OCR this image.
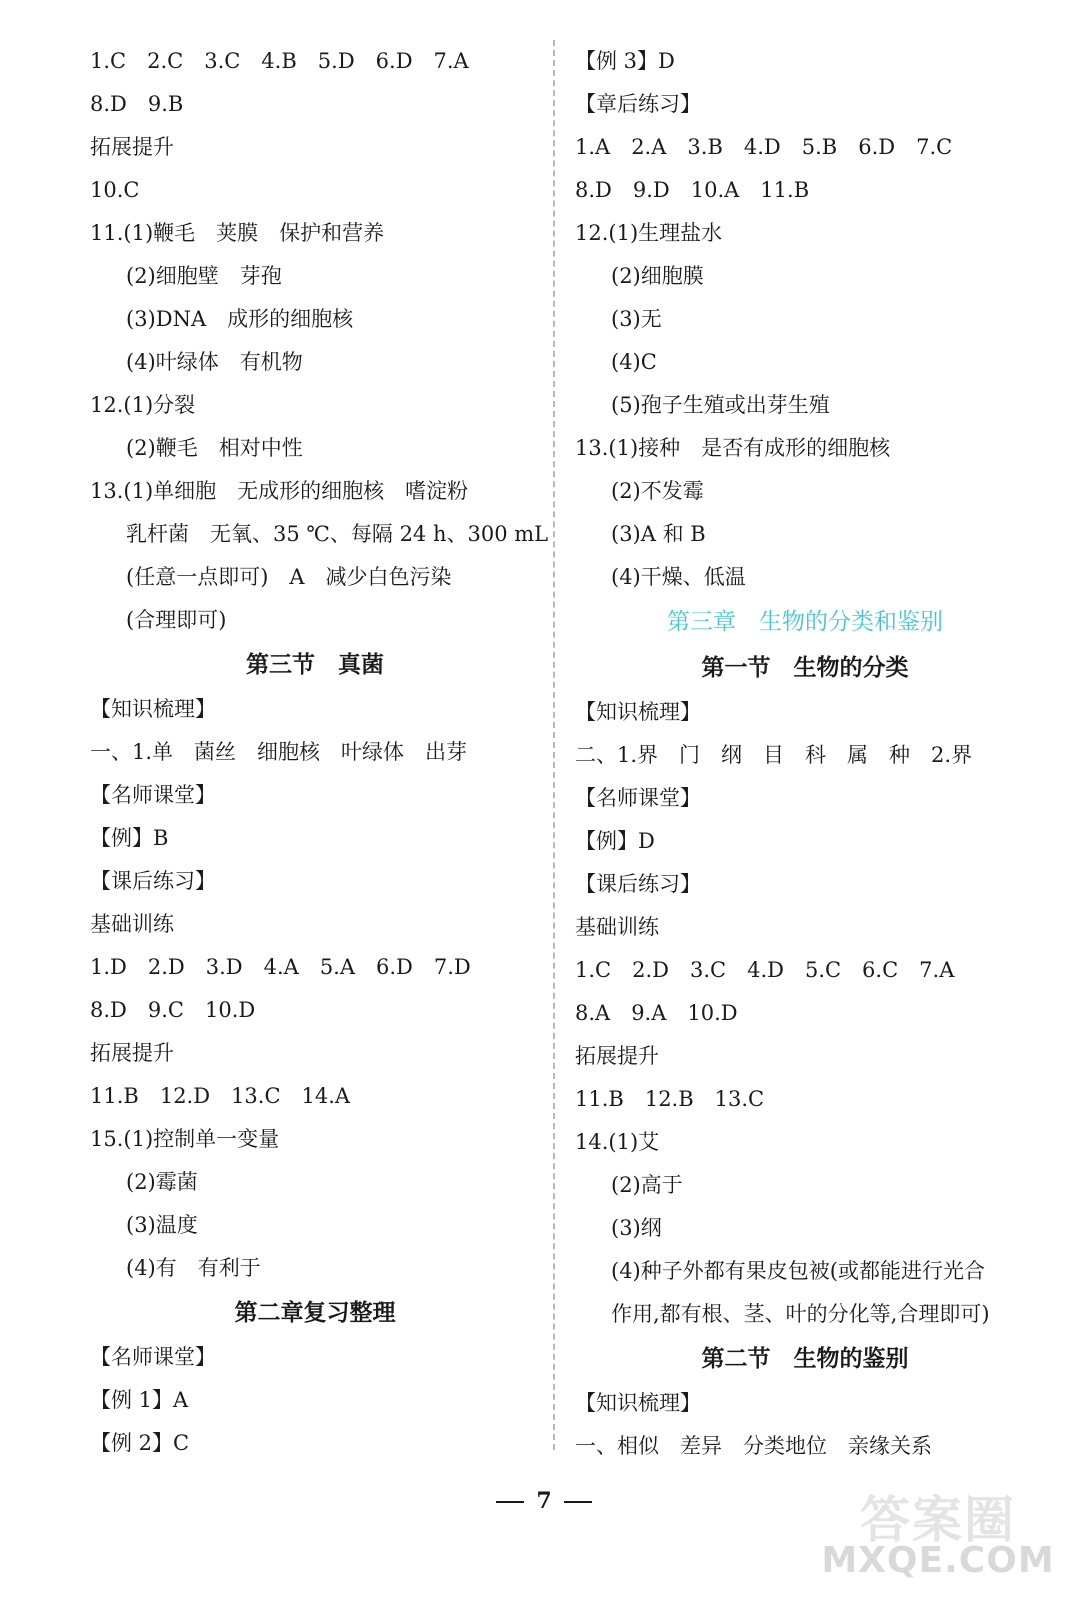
1.C　2.C　3.C　4.B　5.D　6.D　7.A
8.D　9.B
拓展提升
10.C
11.(1)鞭毛　荚膜　保护和营养
(2)细胞壁　芽孢
(3)DNA　成形的细胞核
(4)叶绿体　有机物
12.(1)分裂
(2)鞭毛　相对中性
13.(1)单细胞　无成形的细胞核　嗜淀粉
乳杆菌　无氧、35 ℃、每隔 24 h、300 mL
(任意一点即可)　A　减少白色污染
(合理即可)
第三节　真菌
【知识梳理】
一、1.单　菌丝　细胞核　叶绿体　出芽
【名师课堂】
【例】B
【课后练习】
基础训练
1.D　2.D　3.D　4.A　5.A　6.D　7.D
8.D　9.C　10.D
拓展提升
11.B　12.D　13.C　14.A
15.(1)控制单一变量
(2)霉菌
(3)温度
(4)有　有利于
第二章复习整理
【名师课堂】
【例 1】A
【例 2】C
【例 3】D
【章后练习】
1.A　2.A　3.B　4.D　5.B　6.D　7.C
8.D　9.D　10.A　11.B
12.(1)生理盐水
(2)细胞膜
(3)无
(4)C
(5)孢子生殖或出芽生殖
13.(1)接种　是否有成形的细胞核
(2)不发霉
(3)A 和 B
(4)干燥、低温
第三章　生物的分类和鉴别
第一节　生物的分类
【知识梳理】
二、1.界　门　纲　目　科　属　种　2.界
【名师课堂】
【例】D
【课后练习】
基础训练
1.C　2.D　3.C　4.D　5.C　6.C　7.A
8.A　9.A　10.D
拓展提升
11.B　12.B　13.C
14.(1)艾
(2)高于
(3)纲
(4)种子外都有果皮包被(或都能进行光合
作用,都有根、茎、叶的分化等,合理即可)
第二节　生物的鉴别
【知识梳理】
一、相似　差异　分类地位　亲缘关系
7	答案圈
MXQE.COM
